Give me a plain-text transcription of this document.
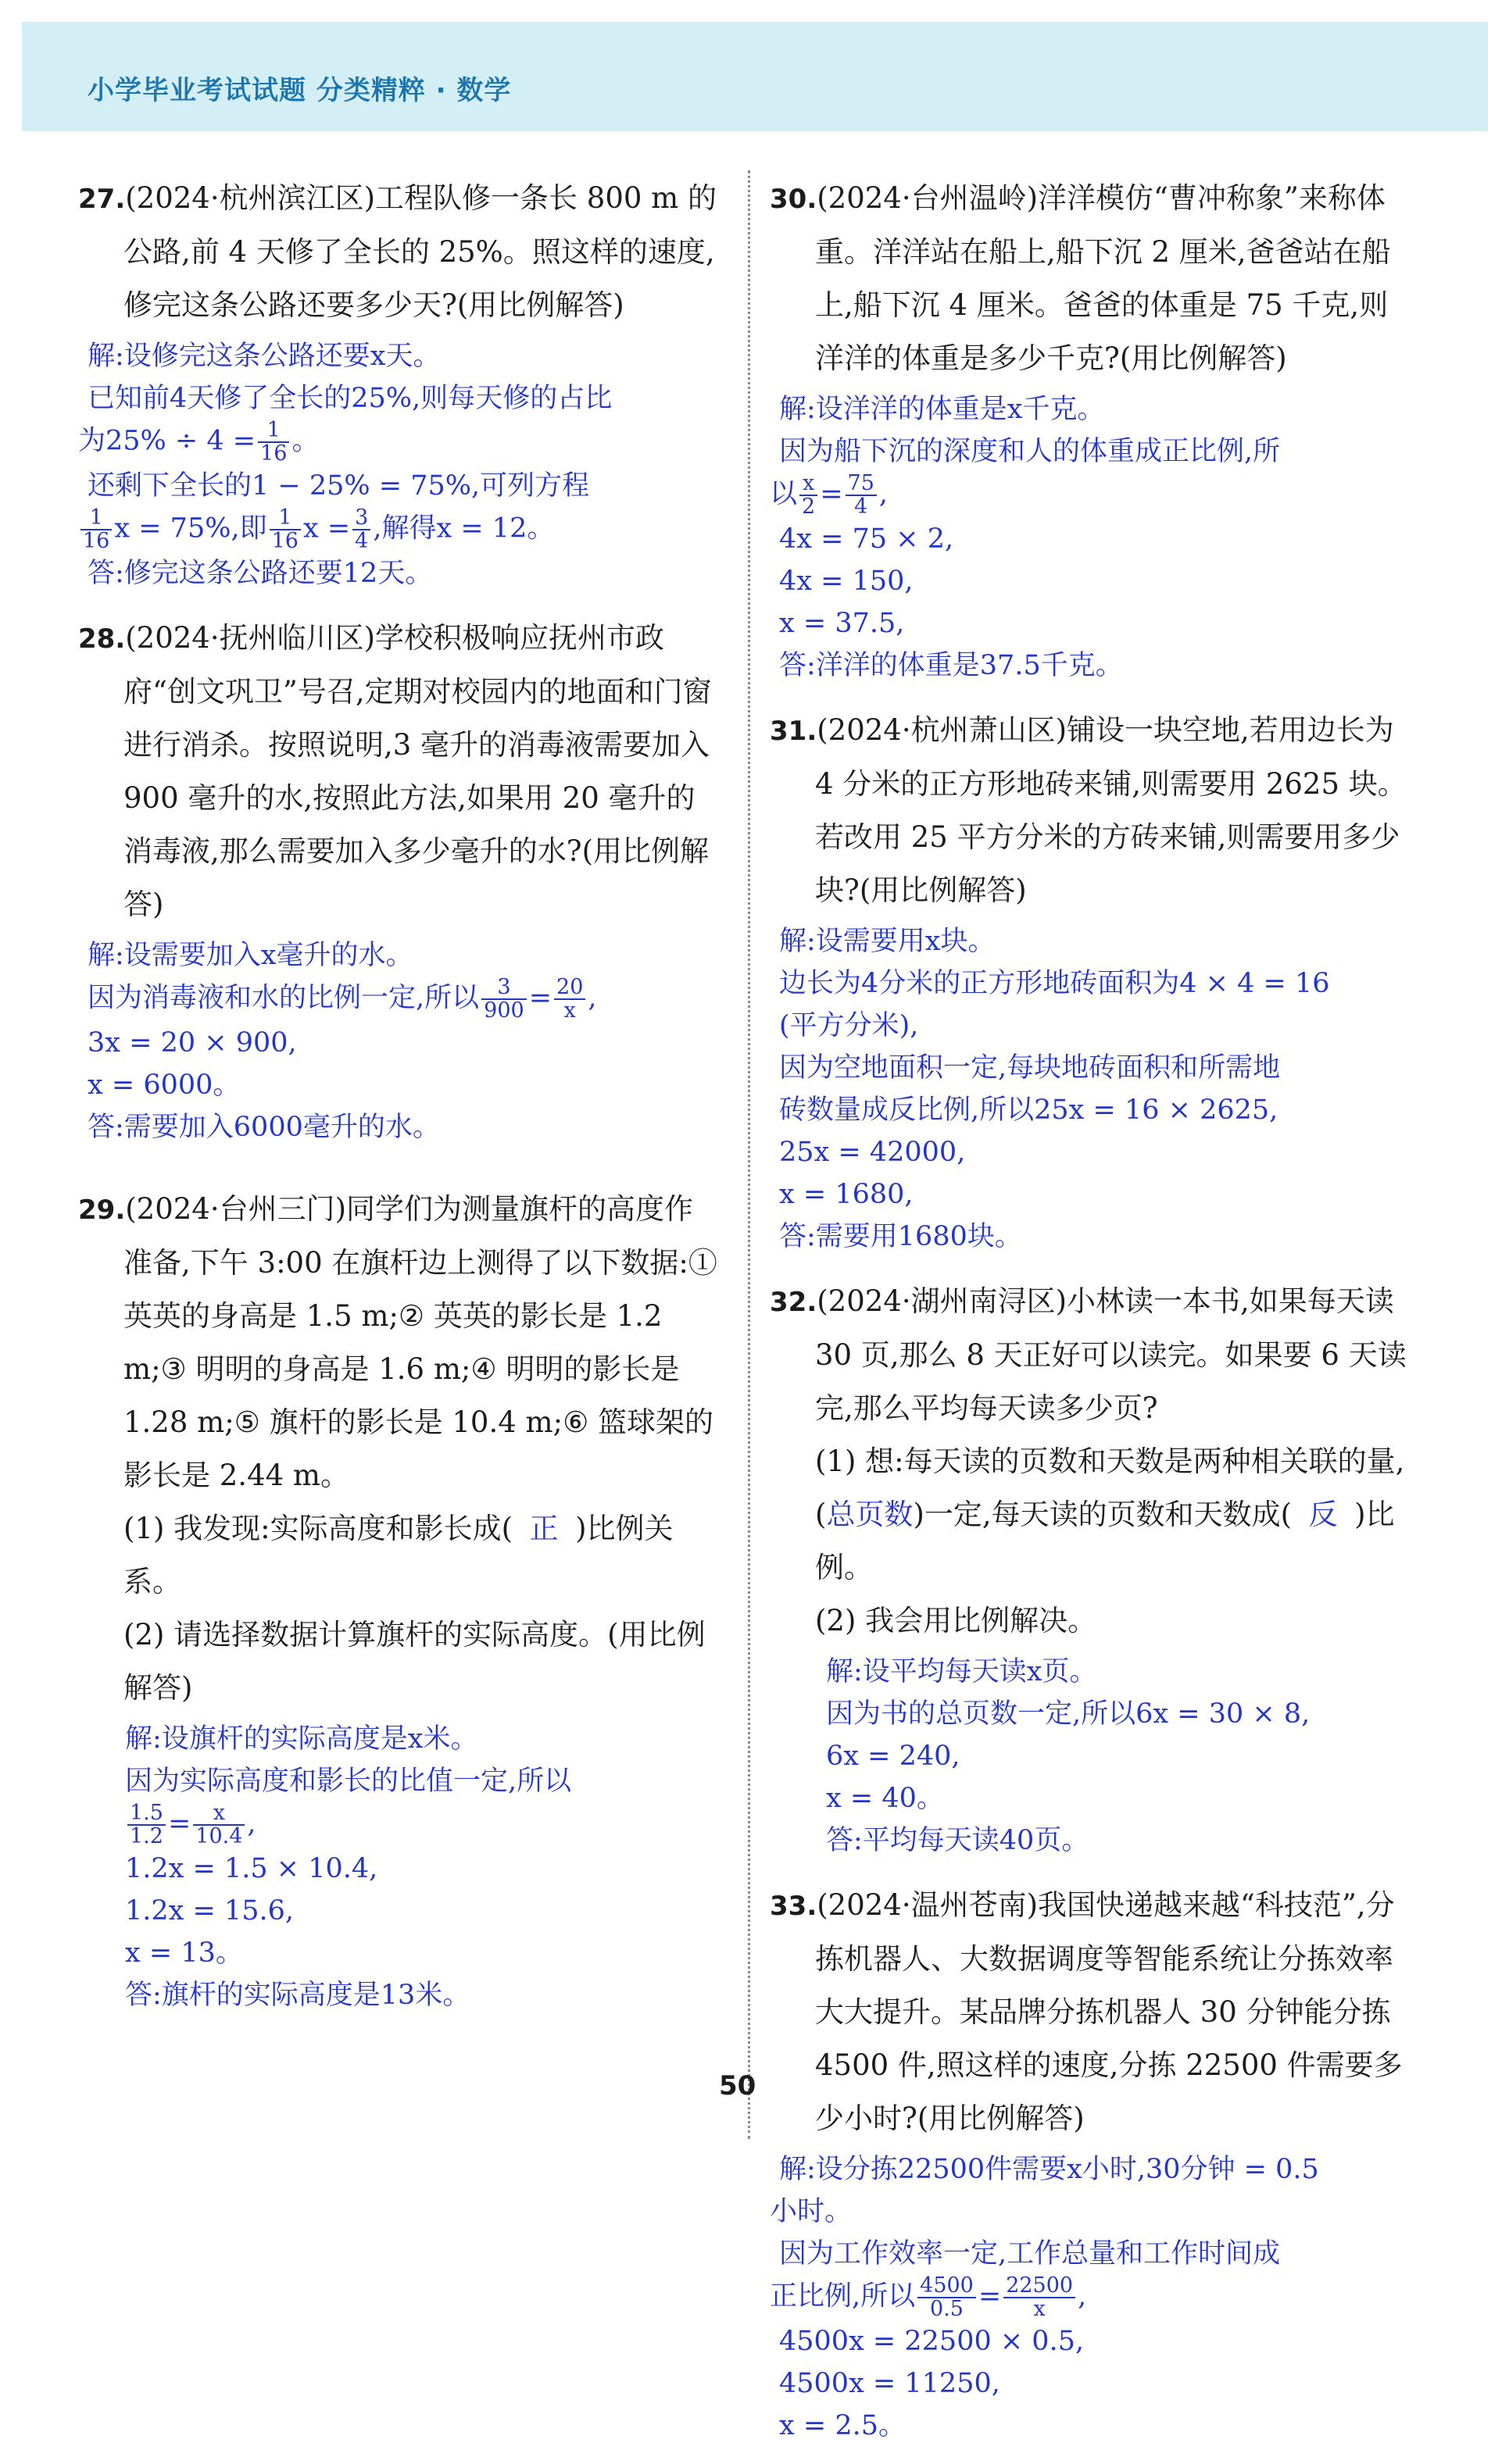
小学毕业考试试题 分类精粹 · 数学
27.(2024·杭州滨江区)工程队修一条长 800 m 的公路,前 4 天修了全长的 25%。照这样的速度,修完这条公路还要多少天?(用比例解答)
解:设修完这条公路还要x天。
已知前4天修了全长的25%,则每天修的占比
为$25\% \div 4 = \frac{1}{16}$ 。
还剩下全长的1 − 25% = 75%,可列方程
$\frac{1}{16}$ x = 75%,即 $\frac{1}{16}$ $x = \frac{3}{4}$ ,解得x = 12。
答:修完这条公路还要12天。
28.(2024·抚州临川区)学校积极响应抚州市政府“创文巩卫”号召,定期对校园内的地面和门窗进行消杀。按照说明,3 毫升的消毒液需要加入 900 毫升的水,按照此方法,如果用 20 毫升的消毒液,那么需要加入多少毫升的水?(用比例解答)
解:设需要加入x毫升的水。
因为消毒液和水的比例一定,所以 $\frac{3}{900} = \frac{20}{x}$ ,
3x = 20 × 900,
x = 6000。
答:需要加入6000毫升的水。
29.(2024·台州三门)同学们为测量旗杆的高度作准备,下午 3:00 在旗杆边上测得了以下数据:① 英英的身高是 1.5 m;② 英英的影长是 1.2 m;③ 明明的身高是 1.6 m;④ 明明的影长是 1.28 m;⑤ 旗杆的影长是 10.4 m;⑥ 篮球架的影长是 2.44 m。
(1) 我发现:实际高度和影长成( 正 )比例关系。
(2) 请选择数据计算旗杆的实际高度。(用比例解答)
解:设旗杆的实际高度是x米。
因为实际高度和影长的比值一定,所以
$\frac{1.5}{1.2} = \frac{x}{10.4}$ ,
1.2x = 1.5 × 10.4,
1.2x = 15.6,
x = 13。
答:旗杆的实际高度是13米。
30.(2024·台州温岭)洋洋模仿“曹冲称象”来称体重。洋洋站在船上,船下沉 2 厘米,爸爸站在船上,船下沉 4 厘米。爸爸的体重是 75 千克,则洋洋的体重是多少千克?(用比例解答)
解:设洋洋的体重是x千克。
因为船下沉的深度和人的体重成正比例,所
以 $\frac{x}{2} = \frac{75}{4}$ ,
4x = 75 × 2,
4x = 150,
x = 37.5,
答:洋洋的体重是37.5千克。
31.(2024·杭州萧山区)铺设一块空地,若用边长为 4 分米的正方形地砖来铺,则需要用 2625 块。若改用 25 平方分米的方砖来铺,则需要用多少块?(用比例解答)
解:设需要用x块。
边长为4分米的正方形地砖面积为4 × 4 = 16
(平方分米),
因为空地面积一定,每块地砖面积和所需地
砖数量成反比例,所以25x = 16 × 2625,
25x = 42000,
x = 1680,
答:需要用1680块。
32.(2024·湖州南浔区)小林读一本书,如果每天读 30 页,那么 8 天正好可以读完。如果要 6 天读完,那么平均每天读多少页?
(1) 想:每天读的页数和天数是两种相关联的量,(总页数)一定,每天读的页数和天数成( 反 )比例。
(2) 我会用比例解决。
解:设平均每天读x页。
因为书的总页数一定,所以6x = 30 × 8,
6x = 240,
x = 40。
答:平均每天读40页。
33.(2024·温州苍南)我国快递越来越“科技范”,分拣机器人、大数据调度等智能系统让分拣效率大大提升。某品牌分拣机器人 30 分钟能分拣 4500 件,照这样的速度,分拣 22500 件需要多少小时?(用比例解答)
解:设分拣22500件需要x小时,30分钟 = 0.5
小时。
因为工作效率一定,工作总量和工作时间成
正比例,所以 $\frac{4500}{0.5} = \frac{22500}{x}$ ,
4500x = 22500 × 0.5,
4500x = 11250,
x = 2.5。
50
